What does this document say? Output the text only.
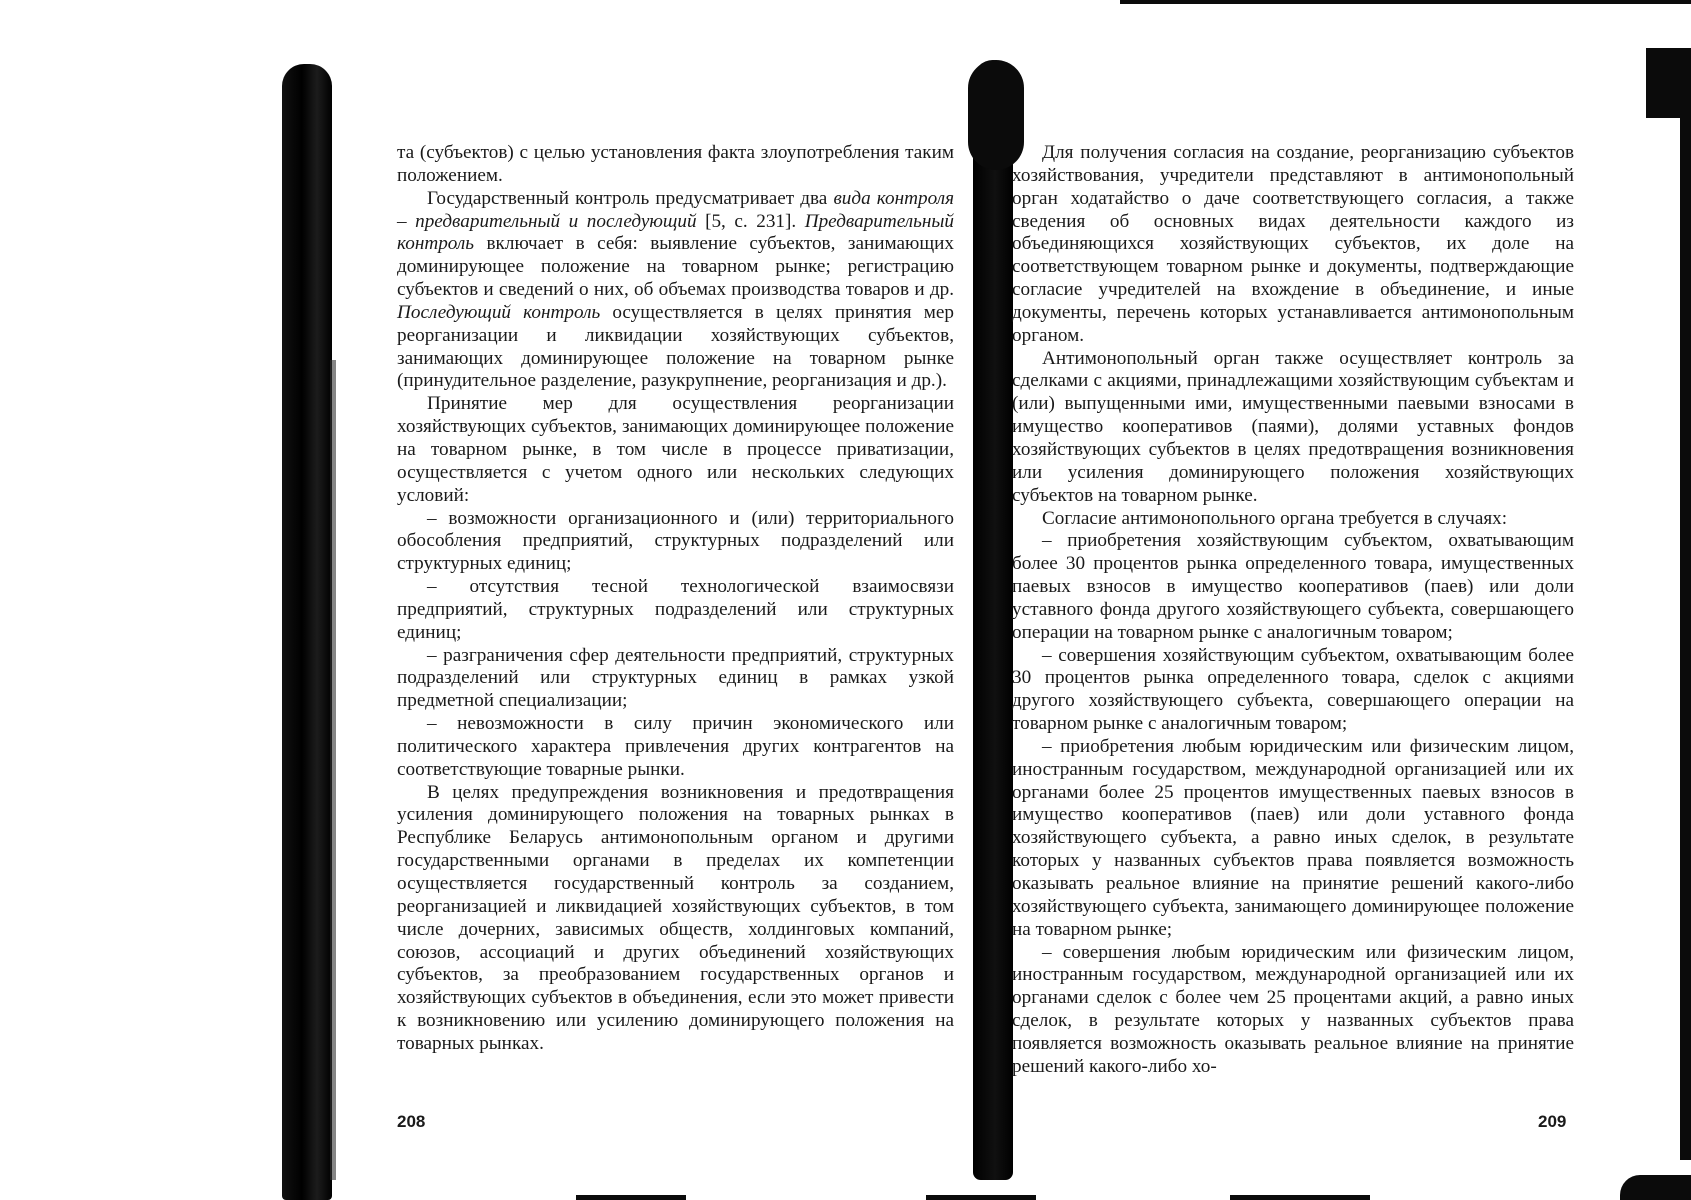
та (субъектов) с целью установления факта злоупотребления таким положением.

Государственный контроль предусматривает два вида контроля – предварительный и последующий [5, с. 231]. Предварительный контроль включает в себя: выявление субъектов, занимающих доминирующее положение на товарном рынке; регистрацию субъектов и сведений о них, об объемах производства товаров и др. Последующий контроль осуществляется в целях принятия мер реорганизации и ликвидации хозяйствующих субъектов, занимающих доминирующее положение на товарном рынке (принудительное разделение, разукрупнение, реорганизация и др.).

Принятие мер для осуществления реорганизации хозяйствующих субъектов, занимающих доминирующее положение на товарном рынке, в том числе в процессе приватизации, осуществляется с учетом одного или нескольких следующих условий:

– возможности организационного и (или) территориального обособления предприятий, структурных подразделений или структурных единиц;

– отсутствия тесной технологической взаимосвязи предприятий, структурных подразделений или структурных единиц;

– разграничения сфер деятельности предприятий, структурных подразделений или структурных единиц в рамках узкой предметной специализации;

– невозможности в силу причин экономического или политического характера привлечения других контрагентов на соответствующие товарные рынки.

В целях предупреждения возникновения и предотвращения усиления доминирующего положения на товарных рынках в Республике Беларусь антимонопольным органом и другими государственными органами в пределах их компетенции осуществляется государственный контроль за созданием, реорганизацией и ликвидацией хозяйствующих субъектов, в том числе дочерних, зависимых обществ, холдинговых компаний, союзов, ассоциаций и других объединений хозяйствующих субъектов, за преобразованием государственных органов и хозяйствующих субъектов в объединения, если это может привести к возникновению или усилению доминирующего положения на товарных рынках.

208

Для получения согласия на создание, реорганизацию субъектов хозяйствования, учредители представляют в антимонопольный орган ходатайство о даче соответствующего согласия, а также сведения об основных видах деятельности каждого из объединяющихся хозяйствующих субъектов, их доле на соответствующем товарном рынке и документы, подтверждающие согласие учредителей на вхождение в объединение, и иные документы, перечень которых устанавливается антимонопольным органом.

Антимонопольный орган также осуществляет контроль за сделками с акциями, принадлежащими хозяйствующим субъектам и (или) выпущенными ими, имущественными паевыми взносами в имущество кооперативов (паями), долями уставных фондов хозяйствующих субъектов в целях предотвращения возникновения или усиления доминирующего положения хозяйствующих субъектов на товарном рынке.

Согласие антимонопольного органа требуется в случаях:

– приобретения хозяйствующим субъектом, охватывающим более 30 процентов рынка определенного товара, имущественных паевых взносов в имущество кооперативов (паев) или доли уставного фонда другого хозяйствующего субъекта, совершающего операции на товарном рынке с аналогичным товаром;

– совершения хозяйствующим субъектом, охватывающим более 30 процентов рынка определенного товара, сделок с акциями другого хозяйствующего субъекта, совершающего операции на товарном рынке с аналогичным товаром;

– приобретения любым юридическим или физическим лицом, иностранным государством, международной организацией или их органами более 25 процентов имущественных паевых взносов в имущество кооперативов (паев) или доли уставного фонда хозяйствующего субъекта, а равно иных сделок, в результате которых у названных субъектов права появляется возможность оказывать реальное влияние на принятие решений какого-либо хозяйствующего субъекта, занимающего доминирующее положение на товарном рынке;

– совершения любым юридическим или физическим лицом, иностранным государством, международной организацией или их органами сделок с более чем 25 процентами акций, а равно иных сделок, в результате которых у названных субъектов права появляется возможность оказывать реальное влияние на принятие решений какого-либо хо-

209
